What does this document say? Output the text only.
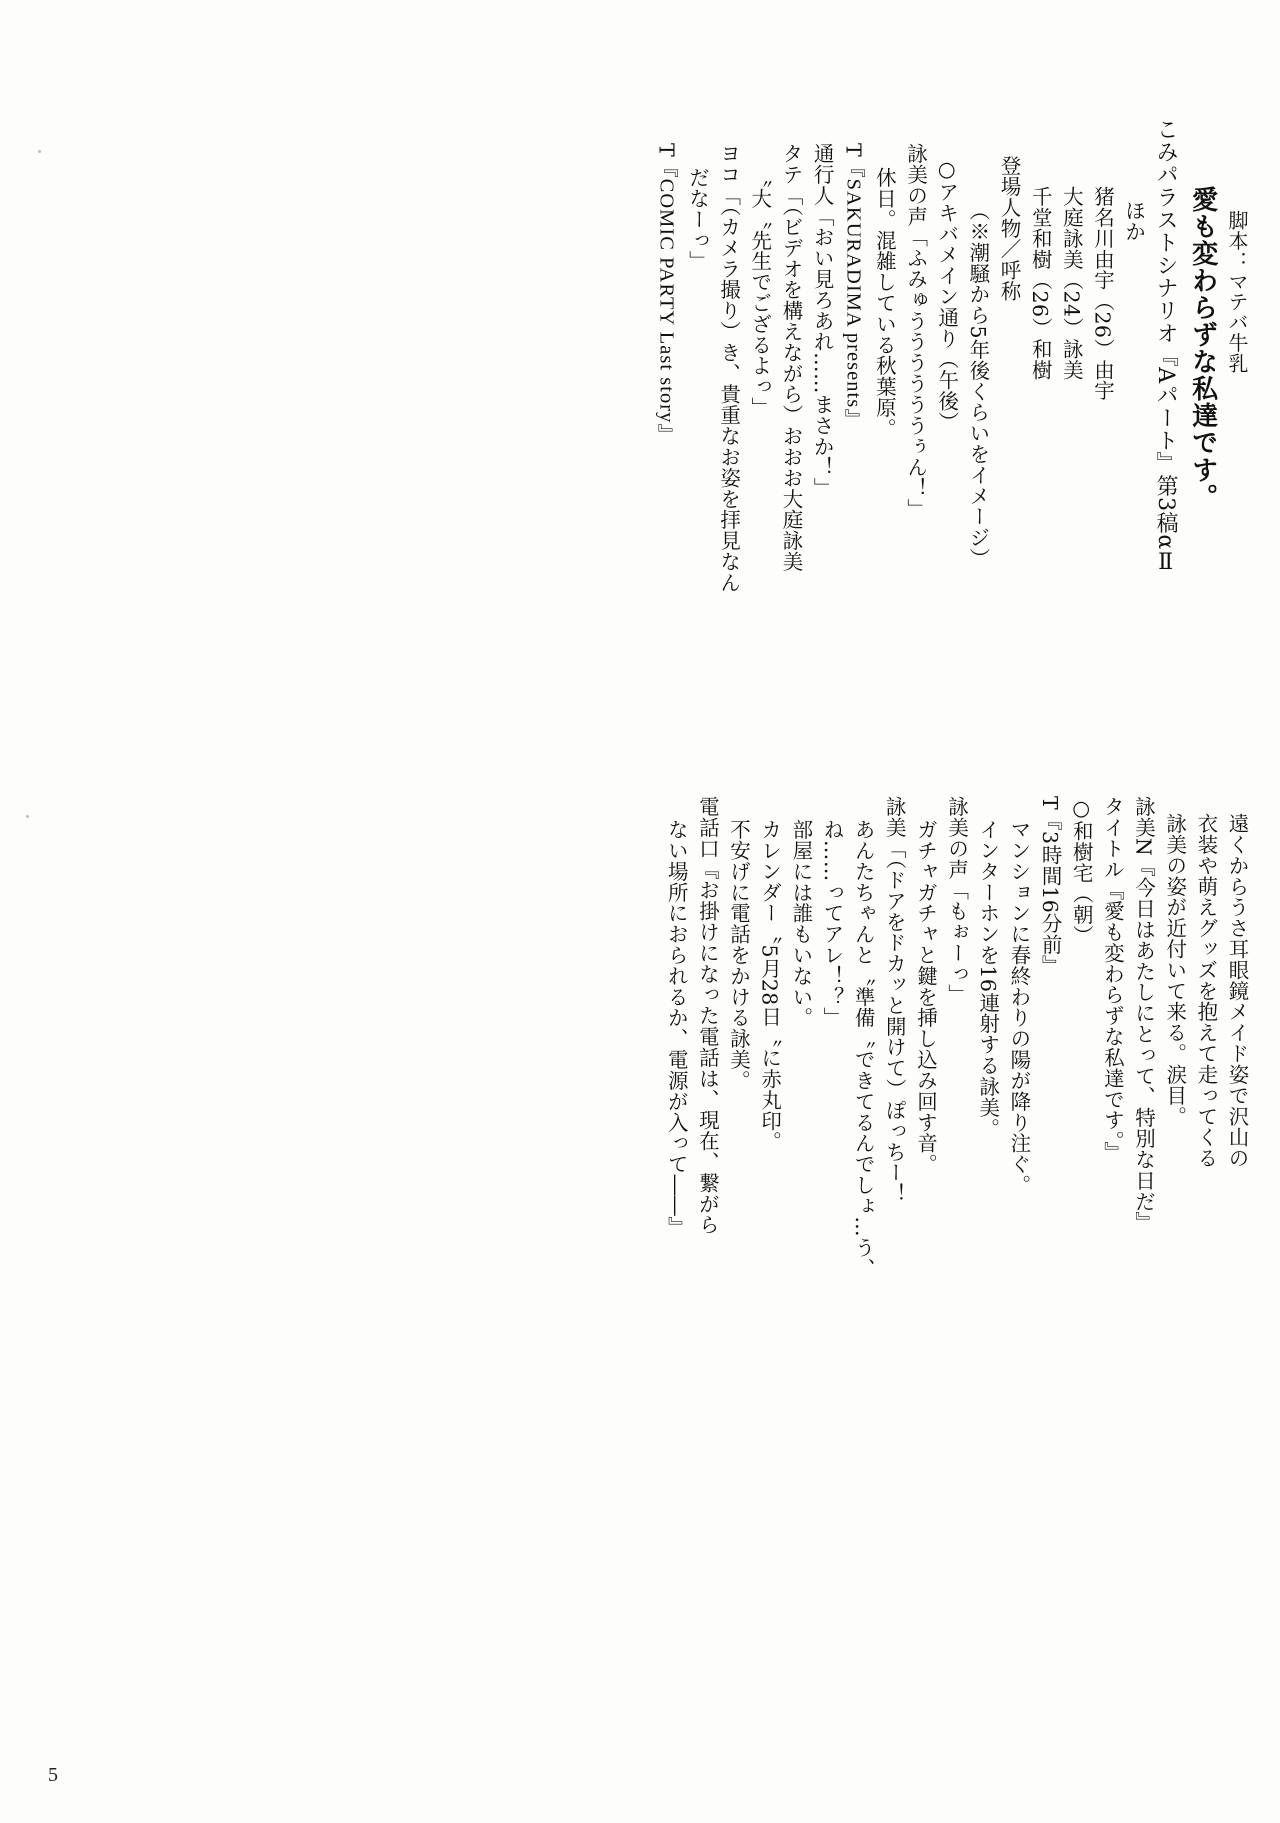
脚本：マテバ牛乳
愛も変わらずな私達です。
こみパラストシナリオ『Aパート』第3稿αⅡ
ほか
猪名川由宇（26）由宇
大庭詠美（24）詠美
千堂和樹（26）和樹
登場人物／呼称
（※潮騒から5年後くらいをイメージ）
○アキバメイン通り（午後）
詠美の声「ふみゅううううううぅん！」
休日。混雑している秋葉原。
T『SAKURADIMA presents』
通行人「おい見ろあれ……まさか！」
タテ「（ビデオを構えながら）おおお大庭詠美
〝大〝先生でござるよっ」
ヨコ「（カメラ撮り）き、貴重なお姿を拝見なん
だなーっ」
T『COMIC PARTY Last story』
遠くからうさ耳眼鏡メイド姿で沢山の
衣装や萌えグッズを抱えて走ってくる
詠美の姿が近付いて来る。涙目。
詠美N『今日はあたしにとって、特別な日だ』
タイトル『愛も変わらずな私達です。』
○和樹宅（朝）
T『3時間16分前』
マンションに春終わりの陽が降り注ぐ。
インターホンを16連射する詠美。
詠美の声「もぉーっ」
ガチャガチャと鍵を挿し込み回す音。
詠美「（ドアをドカッと開けて）ぽっちー！
あんたちゃんと〝準備〝できてるんでしょ…う、
ね……ってアレ！？」
部屋には誰もいない。
カレンダー〝5月28日〝に赤丸印。
不安げに電話をかける詠美。
電話口『お掛けになった電話は、現在、繋がら
ない場所におられるか、電源が入って――』
5
